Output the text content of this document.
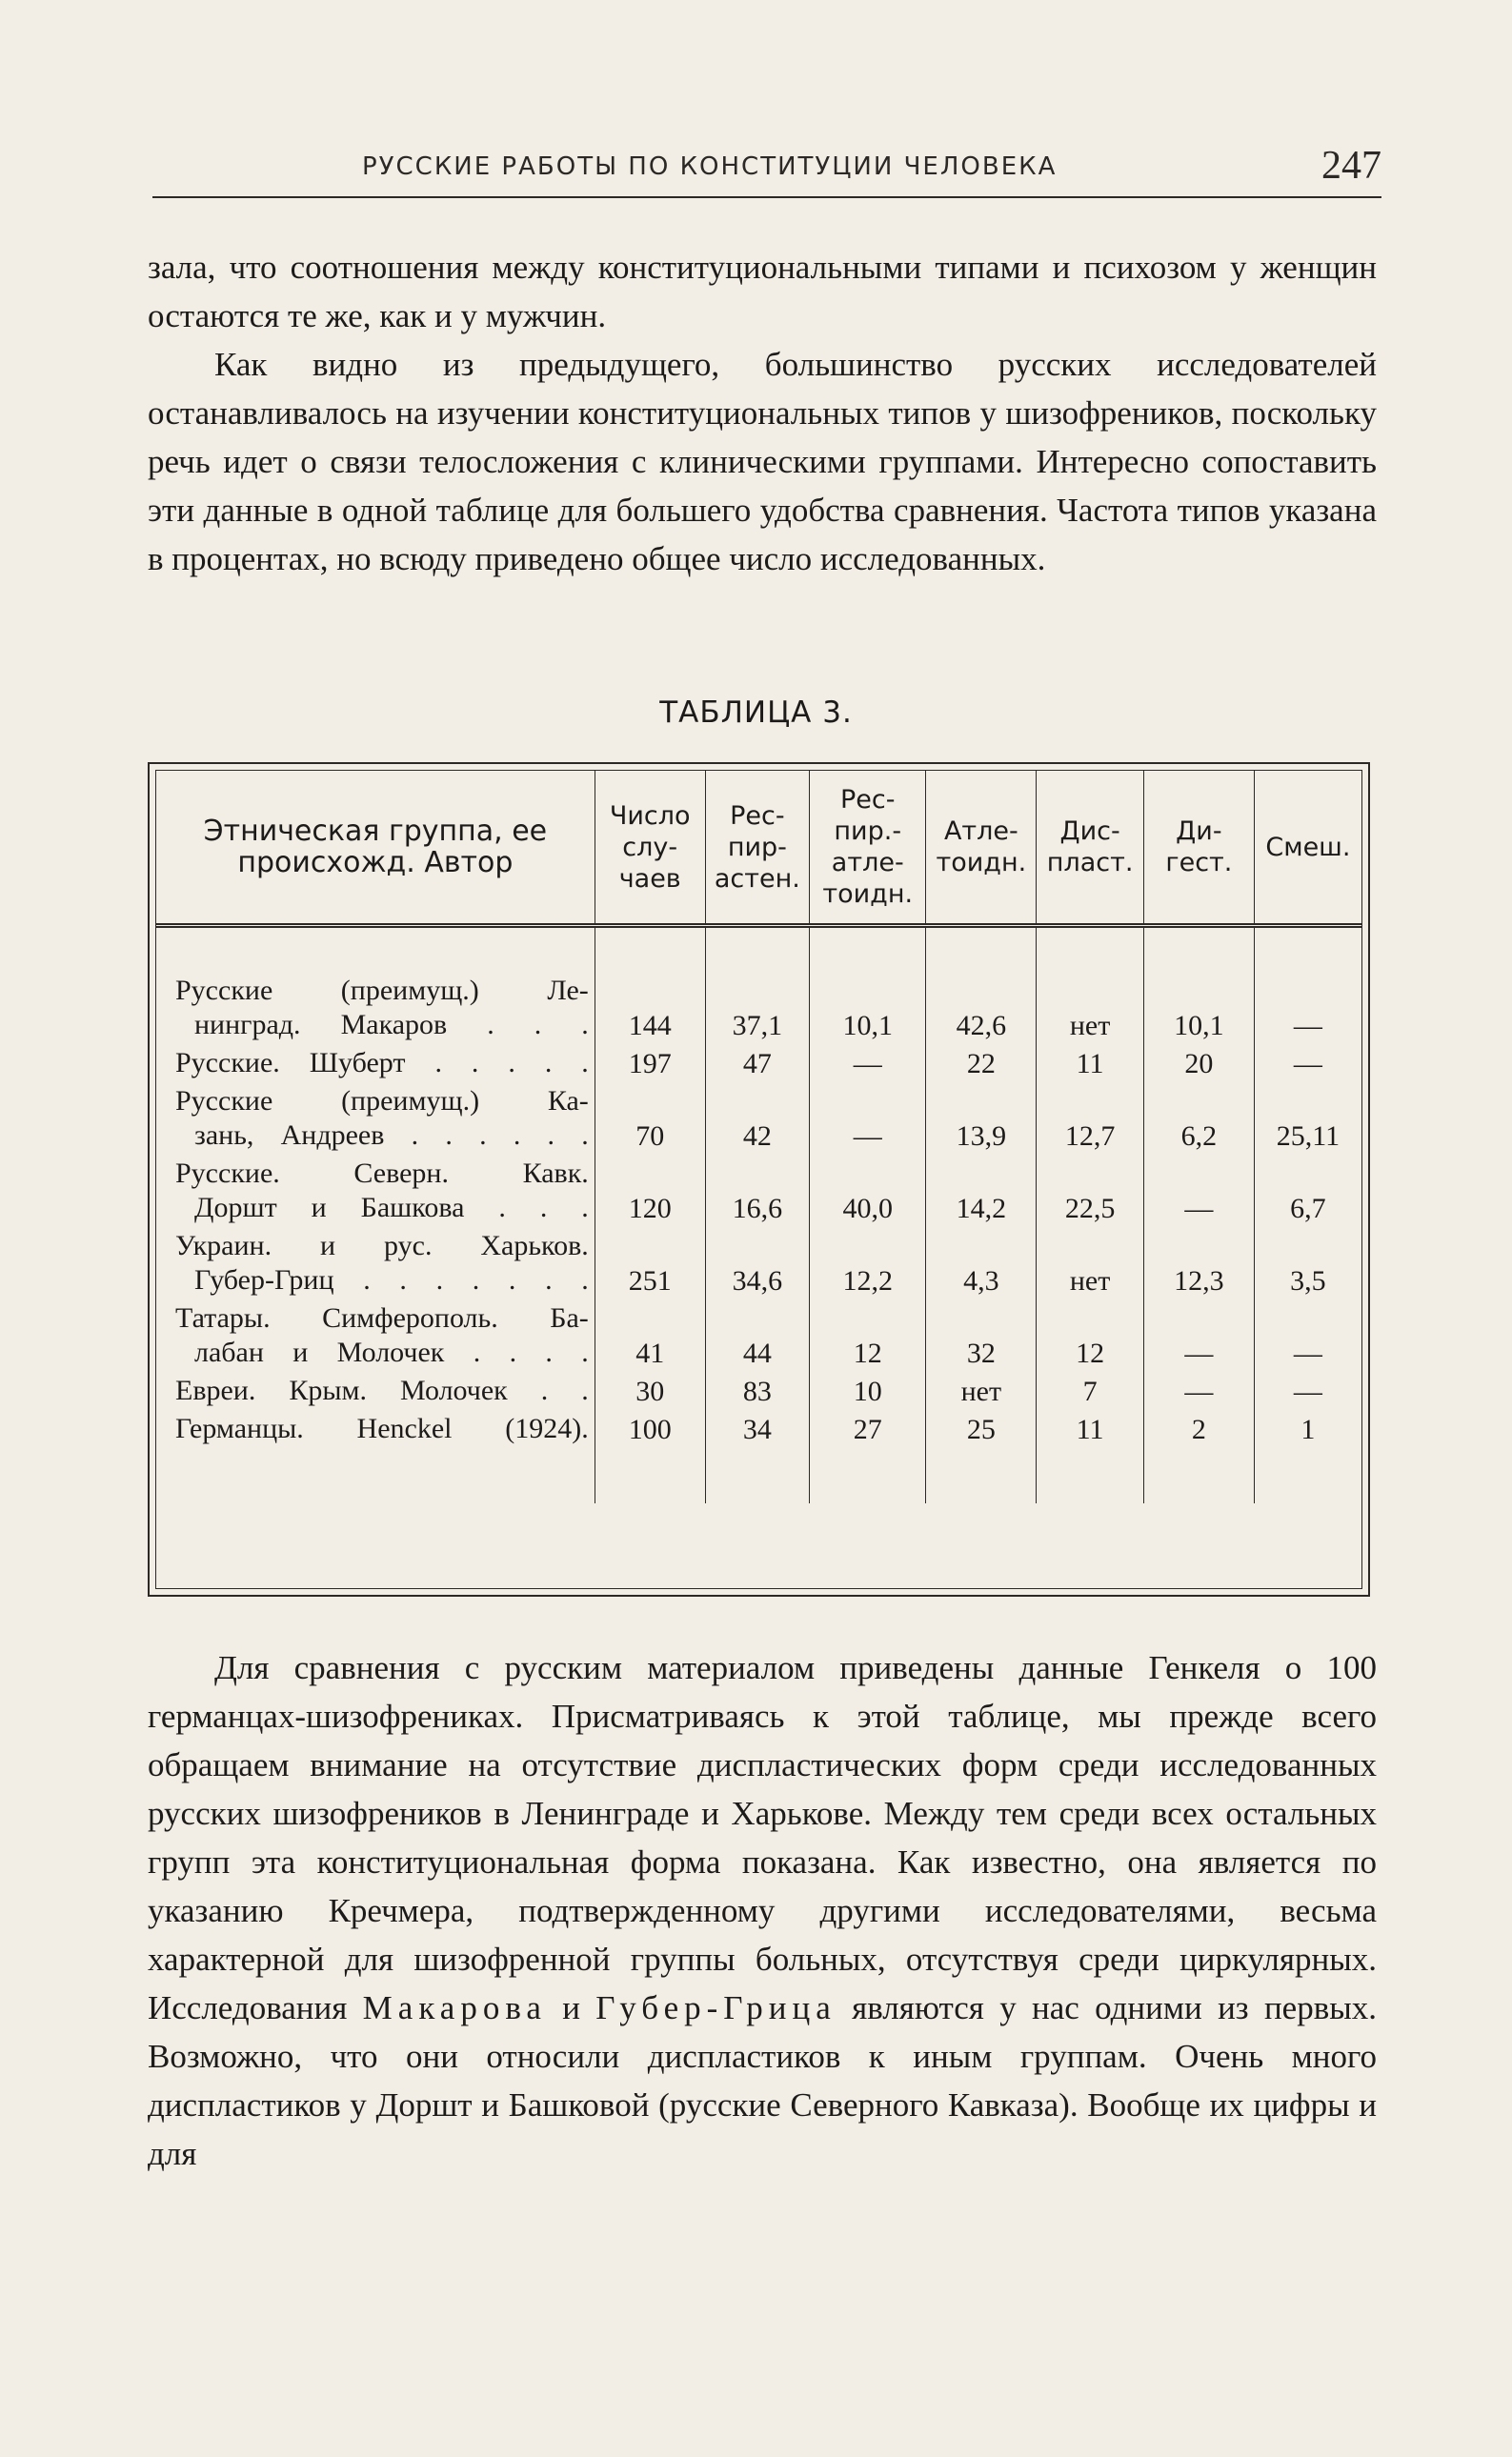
РУССКИЕ РАБОТЫ ПО КОНСТИТУЦИИ ЧЕЛОВЕКА	247

зала, что соотношения между конституциональными типами и психозом у женщин остаются те же, как и у мужчин.

Как видно из предыдущего, большинство русских исследователей останавливалось на изучении конституциональных типов у шизофреников, поскольку речь идет о связи телосложения с клиническими группами. Интересно сопоставить эти данные в одной таблице для большего удобства сравнения. Частота типов указана в процентах, но всюду приведено общее число исследованных.

ТАБЛИЦА 3.
Этническая группа, ее происхожд. Автор	Число слу-чаев	Рес-пир-астен.	Рес-пир.-атле-тоидн.	Атле-тоидн.	Дис-пласт.	Ди-гест.	Смеш.

Русские (преимущ.) Ле-
нинград. Макаров . . .	144	37,1	10,1	42,6	нет	10,1	—

Русские. Шуберт . . . . .	197	47	—	22	11	20	—

Русские (преимущ.) Ка-
зань, Андреев . . . . . .	70	42	—	13,9	12,7	6,2	25,11

Русские. Северн. Кавк.
Доршт и Башкова . . .	120	16,6	40,0	14,2	22,5	—	6,7

Украин. и рус. Харьков.
Губер-Гриц . . . . . . .	251	34,6	12,2	4,3	нет	12,3	3,5

Татары. Симферополь. Ба-
лабан и Молочек . . . .	41	44	12	32	12	—	—

Евреи. Крым. Молочек . .	30	83	10	нет	7	—	—

Германцы. Henckel (1924).	100	34	27	25	11	2	1

Для сравнения с русским материалом приведены данные Генкеля о 100 германцах-шизофрениках. Присматриваясь к этой таблице, мы прежде всего обращаем внимание на отсутствие диспластических форм среди исследованных русских шизофреников в Ленинграде и Харькове. Между тем среди всех остальных групп эта конституциональная форма показана. Как известно, она является по указанию Кречмера, подтвержденному другими исследователями, весьма характерной для шизофренной группы больных, отсутствуя среди циркулярных. Исследования Макарова и Губер-Грица являются у нас одними из первых. Возможно, что они относили диспластиков к иным группам. Очень много диспластиков у Доршт и Башковой (русские Северного Кавказа). Вообще их цифры и для
